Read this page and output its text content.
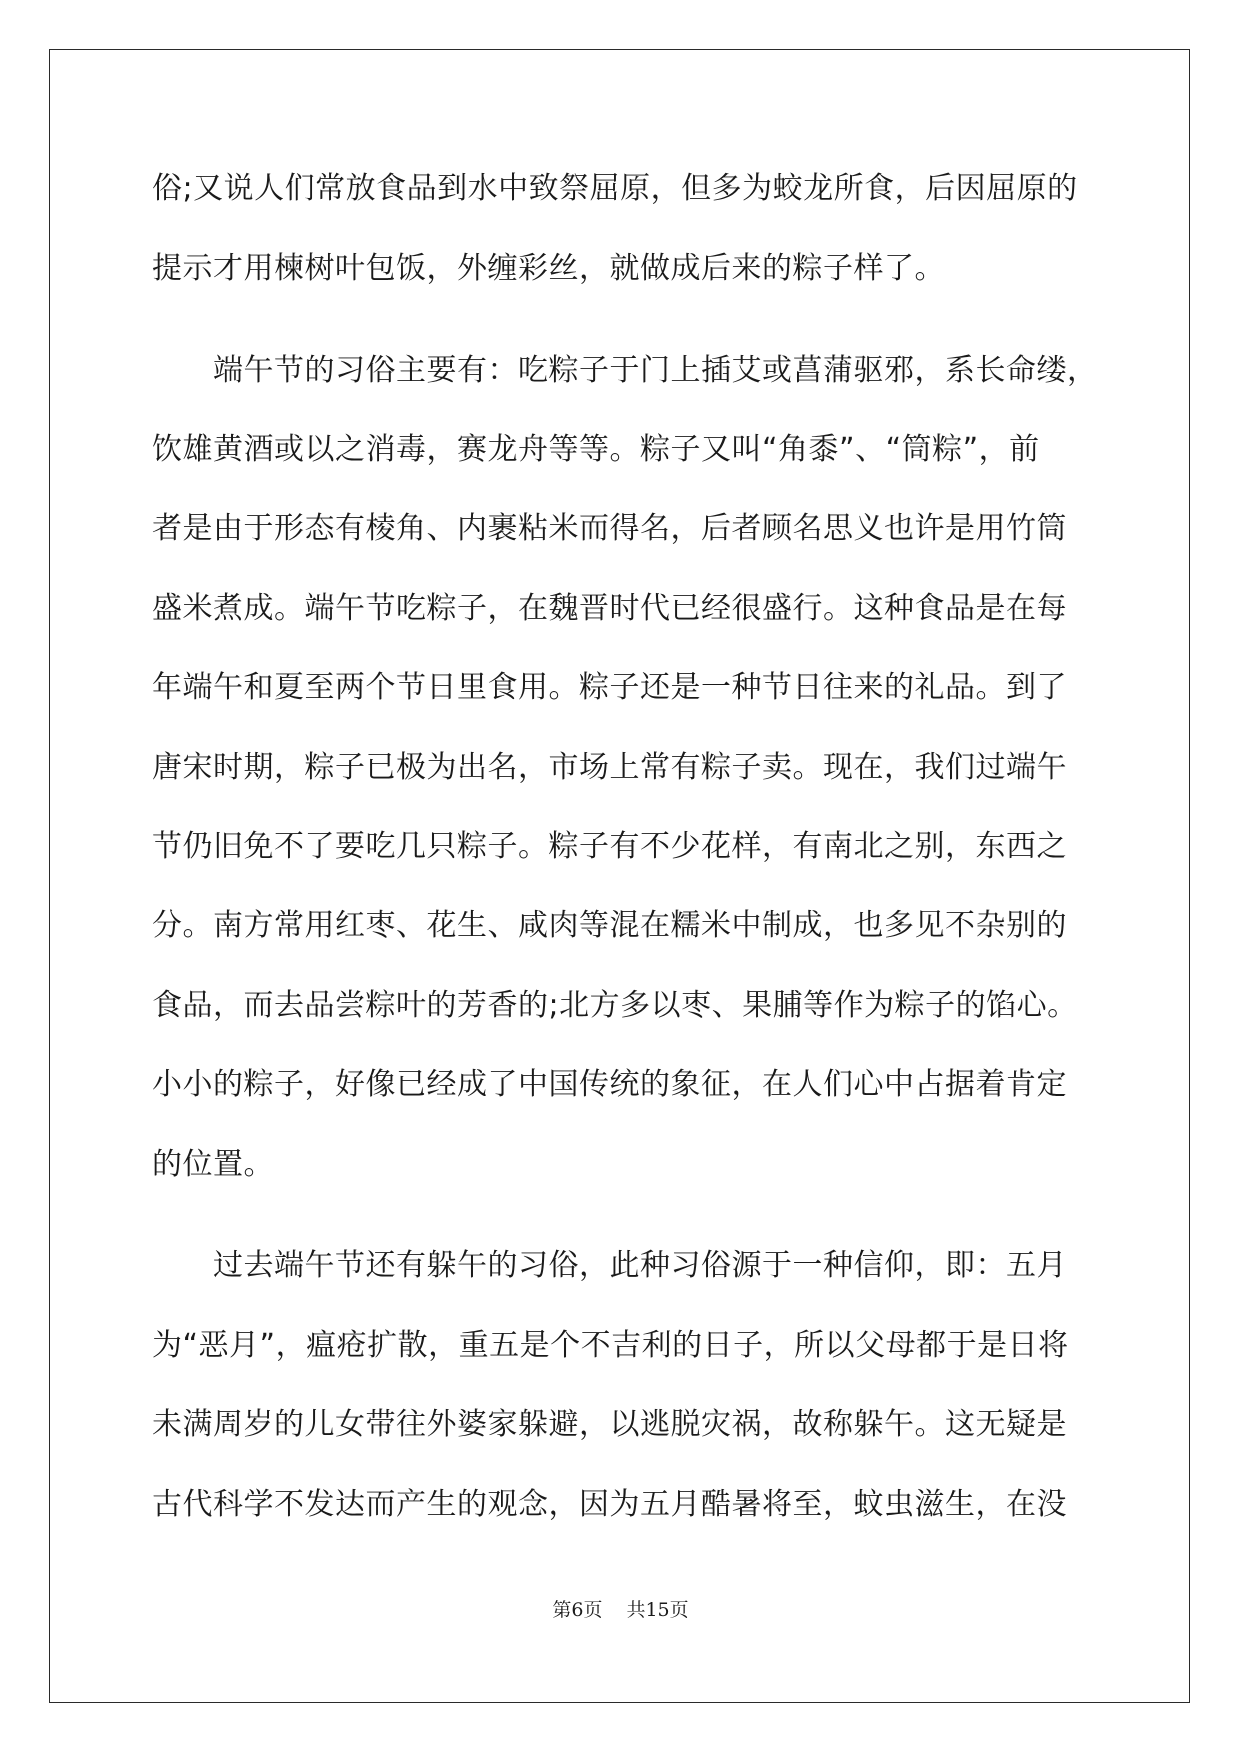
俗;又说人们常放食品到水中致祭屈原，但多为蛟龙所食，后因屈原的

提示才用楝树叶包饭，外缠彩丝，就做成后来的粽子样了。

　　端午节的习俗主要有：吃粽子于门上插艾或菖蒲驱邪，系长命缕，

饮雄黄酒或以之消毒，赛龙舟等等。粽子又叫“角黍”、“筒粽”，前

者是由于形态有棱角、内裹粘米而得名，后者顾名思义也许是用竹筒

盛米煮成。端午节吃粽子，在魏晋时代已经很盛行。这种食品是在每

年端午和夏至两个节日里食用。粽子还是一种节日往来的礼品。到了

唐宋时期，粽子已极为出名，市场上常有粽子卖。现在，我们过端午

节仍旧免不了要吃几只粽子。粽子有不少花样，有南北之别，东西之

分。南方常用红枣、花生、咸肉等混在糯米中制成，也多见不杂别的

食品，而去品尝粽叶的芳香的;北方多以枣、果脯等作为粽子的馅心。

小小的粽子，好像已经成了中国传统的象征，在人们心中占据着肯定

的位置。

　　过去端午节还有躲午的习俗，此种习俗源于一种信仰，即：五月

为“恶月”，瘟疮扩散，重五是个不吉利的日子，所以父母都于是日将

未满周岁的儿女带往外婆家躲避，以逃脱灾祸，故称躲午。这无疑是

古代科学不发达而产生的观念，因为五月酷暑将至，蚊虫滋生，在没

第6页 共15页
